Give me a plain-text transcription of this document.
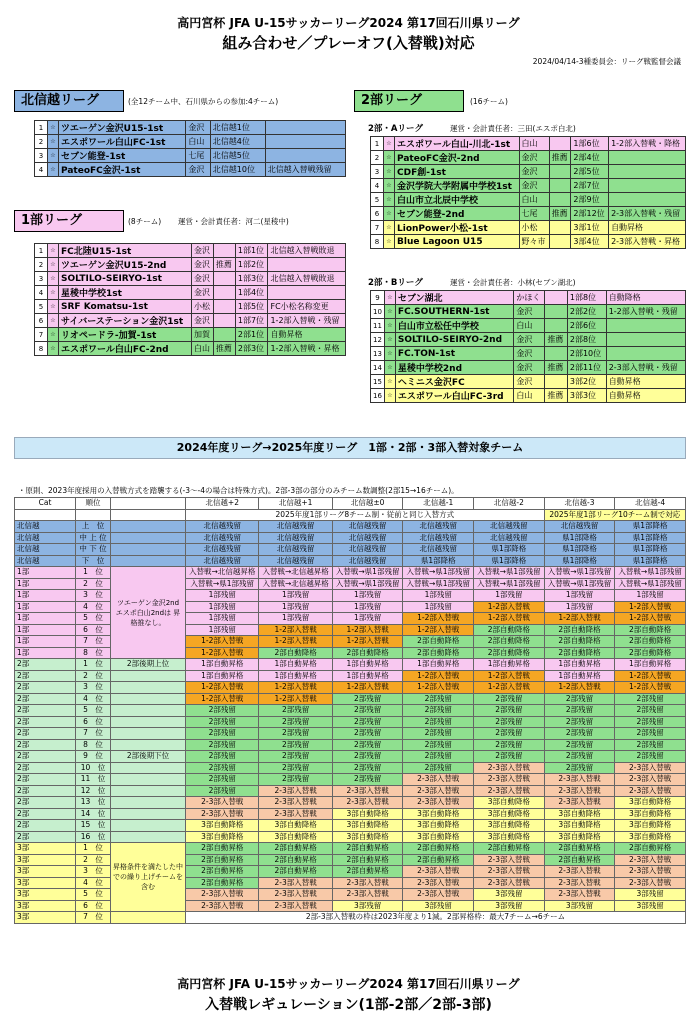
高円宮杯 JFA U-15サッカーリーグ2024 第17回石川県リーグ
組み合わせ／プレーオフ(入替戦)対応
2024/04/14-3種委員会：リーグ戦監督会議
北信越リーグ	(全12チーム中、石川県からの参加:4チーム)
1	☆	ツエーゲン金沢U15-1st	金沢	北信越1位	
2	☆	エスポワール白山FC-1st	白山	北信越4位	
3	☆	セブン能登-1st	七尾	北信越5位	
4	☆	PateoFC金沢-1st	金沢	北信越10位	北信越入替戦残留
1部リーグ	(8チーム) 運営・会計責任者：河二(星稜中)
1	☆	FC北陸U15-1st	金沢		1部1位	北信越入替戦敗退
2	☆	ツエーゲン金沢U15-2nd	金沢	推薦	1部2位	
3	☆	SOLTILO-SEIRYO-1st	金沢		1部3位	北信越入替戦敗退
4	☆	星稜中学校1st	金沢		1部4位	
5	☆	SRF Komatsu-1st	小松		1部5位	FC小松名称変更
6	☆	サイバーステーション金沢1st	金沢		1部7位	1-2部入替戦・残留
7	☆	リオペードラ-加賀-1st	加賀		2部1位	自動昇格
8	☆	エスポワール白山FC-2nd	白山	推薦	2部3位	1-2部入替戦・昇格
2部リーグ	(16チーム)
2部・Aリーグ	運営・会計責任者：三田(エスポ白北)
1	☆	エスポワール白山-川北-1st	白山		1部6位	1-2部入替戦・降格
2	☆	PateoFC金沢-2nd	金沢	推薦	2部4位	
3	☆	CDF創-1st	金沢		2部5位	
4	☆	金沢学院大学附属中学校1st	金沢		2部7位	
5	☆	白山市立北辰中学校	白山		2部9位	
6	☆	セブン能登-2nd	七尾	推薦	2部12位	2-3部入替戦・残留
7	☆	LionPower小松-1st	小松		3部1位	自動昇格
8	☆	Blue Lagoon U15	野々市		3部4位	2-3部入替戦・昇格
2部・Bリーグ	運営・会計責任者：小林(セブン湖北)
9	☆	セブン湖北	かほく		1部8位	自動降格
10	☆	FC.SOUTHERN-1st	金沢		2部2位	1-2部入替戦・残留
11	☆	白山市立松任中学校	白山		2部6位	
12	☆	SOLTILO-SEIRYO-2nd	金沢	推薦	2部8位	
13	☆	FC.TON-1st	金沢		2部10位	
14	☆	星稜中学校2nd	金沢	推薦	2部11位	2-3部入替戦・残留
15	☆	ヘミニス金沢FC	金沢		3部2位	自動昇格
16	☆	エスポワール白山FC-3rd	白山	推薦	3部3位	自動昇格
2024年度リーグ→2025年度リーグ　1部・2部・3部入替対象チーム
・原則、2023年度採用の入替戦方式を踏襲する(-3～-4の場合は特殊方式)。2部-3部の部分のみチーム数調整(2部15→16チーム)。
Cat	順位		北信越+2	北信越+1	北信越±0	北信越-1	北信越-2	北信越-3	北信越-4
			2025年度1部リーグ8チーム制・従前と同じ入替方式					2025年度1部リーグ10チーム制で対応	
北信越	上　位		北信越残留	北信越残留	北信越残留	北信越残留	北信越残留	北信越残留	県1部降格
北信越	中 上 位		北信越残留	北信越残留	北信越残留	北信越残留	北信越残留	県1部降格	県1部降格
北信越	中 下 位		北信越残留	北信越残留	北信越残留	北信越残留	県1部降格	県1部降格	県1部降格
北信越	下　位		北信越残留	北信越残留	北信越残留	県1部降格	県1部降格	県1部降格	県1部降格
1部	1　位	ツエーゲン金沢2nd エスポ白山2ndは 昇格推なし。	入替戦→北信越昇格	入替戦→北信越昇格	入替戦→県1部残留	入替戦→県1部残留	入替戦→県1部残留	入替戦→県1部残留	入替戦→県1部残留
1部	2　位		入替戦→県1部残留	入替戦→北信越昇格	入替戦→県1部残留	入替戦→県1部残留	入替戦→県1部残留	入替戦→県1部残留	入替戦→県1部残留
1部	3　位		1部残留	1部残留	1部残留	1部残留	1部残留	1部残留	1部残留
1部	4　位		1部残留	1部残留	1部残留	1部残留	1-2部入替戦	1部残留	1-2部入替戦
1部	5　位		1部残留	1部残留	1部残留	1-2部入替戦	1-2部入替戦	1-2部入替戦	1-2部入替戦
1部	6　位		1部残留	1-2部入替戦	1-2部入替戦	1-2部入替戦	2部自動降格	2部自動降格	2部自動降格
1部	7　位		1-2部入替戦	1-2部入替戦	1-2部入替戦	2部自動降格	2部自動降格	2部自動降格	2部自動降格
1部	8　位		1-2部入替戦	2部自動降格	2部自動降格	2部自動降格	2部自動降格	2部自動降格	2部自動降格
2部	1　位	2部後期上位	1部自動昇格	1部自動昇格	1部自動昇格	1部自動昇格	1部自動昇格	1部自動昇格	1部自動昇格
2部	2　位		1部自動昇格	1部自動昇格	1部自動昇格	1-2部入替戦	1-2部入替戦	1部自動昇格	1-2部入替戦
2部	3　位		1-2部入替戦	1-2部入替戦	1-2部入替戦	1-2部入替戦	1-2部入替戦	1-2部入替戦	1-2部入替戦
2部	4　位		1-2部入替戦	1-2部入替戦	2部残留	2部残留	2部残留	2部残留	2部残留
2部	5　位		2部残留	2部残留	2部残留	2部残留	2部残留	2部残留	2部残留
2部	6　位		2部残留	2部残留	2部残留	2部残留	2部残留	2部残留	2部残留
2部	7　位		2部残留	2部残留	2部残留	2部残留	2部残留	2部残留	2部残留
2部	8　位		2部残留	2部残留	2部残留	2部残留	2部残留	2部残留	2部残留
2部	9　位	2部後期下位	2部残留	2部残留	2部残留	2部残留	2部残留	2部残留	2部残留
2部	10　位		2部残留	2部残留	2部残留	2部残留	2-3部入替戦	2部残留	2-3部入替戦
2部	11　位		2部残留	2部残留	2部残留	2-3部入替戦	2-3部入替戦	2-3部入替戦	2-3部入替戦
2部	12　位		2部残留	2-3部入替戦	2-3部入替戦	2-3部入替戦	2-3部入替戦	2-3部入替戦	2-3部入替戦
2部	13　位		2-3部入替戦	2-3部入替戦	2-3部入替戦	2-3部入替戦	3部自動降格	2-3部入替戦	3部自動降格
2部	14　位		2-3部入替戦	2-3部入替戦	3部自動降格	3部自動降格	3部自動降格	3部自動降格	3部自動降格
2部	15　位		3部自動降格	3部自動降格	3部自動降格	3部自動降格	3部自動降格	3部自動降格	3部自動降格
2部	16　位		3部自動降格	3部自動降格	3部自動降格	3部自動降格	3部自動降格	3部自動降格	3部自動降格
3部	1　位	昇格条件を満たした中での繰り上げチームを含む	2部自動昇格	2部自動昇格	2部自動昇格	2部自動昇格	2部自動昇格	2部自動昇格	2部自動昇格
3部	2　位		2部自動昇格	2部自動昇格	2部自動昇格	2部自動昇格	2-3部入替戦	2部自動昇格	2-3部入替戦
3部	3　位		2部自動昇格	2部自動昇格	2部自動昇格	2-3部入替戦	2-3部入替戦	2-3部入替戦	2-3部入替戦
3部	4　位		2部自動昇格	2-3部入替戦	2-3部入替戦	2-3部入替戦	2-3部入替戦	2-3部入替戦	2-3部入替戦
3部	5　位		2-3部入替戦	2-3部入替戦	2-3部入替戦	2-3部入替戦	3部残留	2-3部入替戦	3部残留
3部	6　位		2-3部入替戦	2-3部入替戦	3部残留	3部残留	3部残留	3部残留	3部残留
3部	7　位		2部-3部入替戦の枠は2023年度より1減。2部昇格枠：最大7チーム→6チーム						
高円宮杯 JFA U-15サッカーリーグ2024 第17回石川県リーグ
入替戦レギュレーション(1部-2部／2部-3部)
